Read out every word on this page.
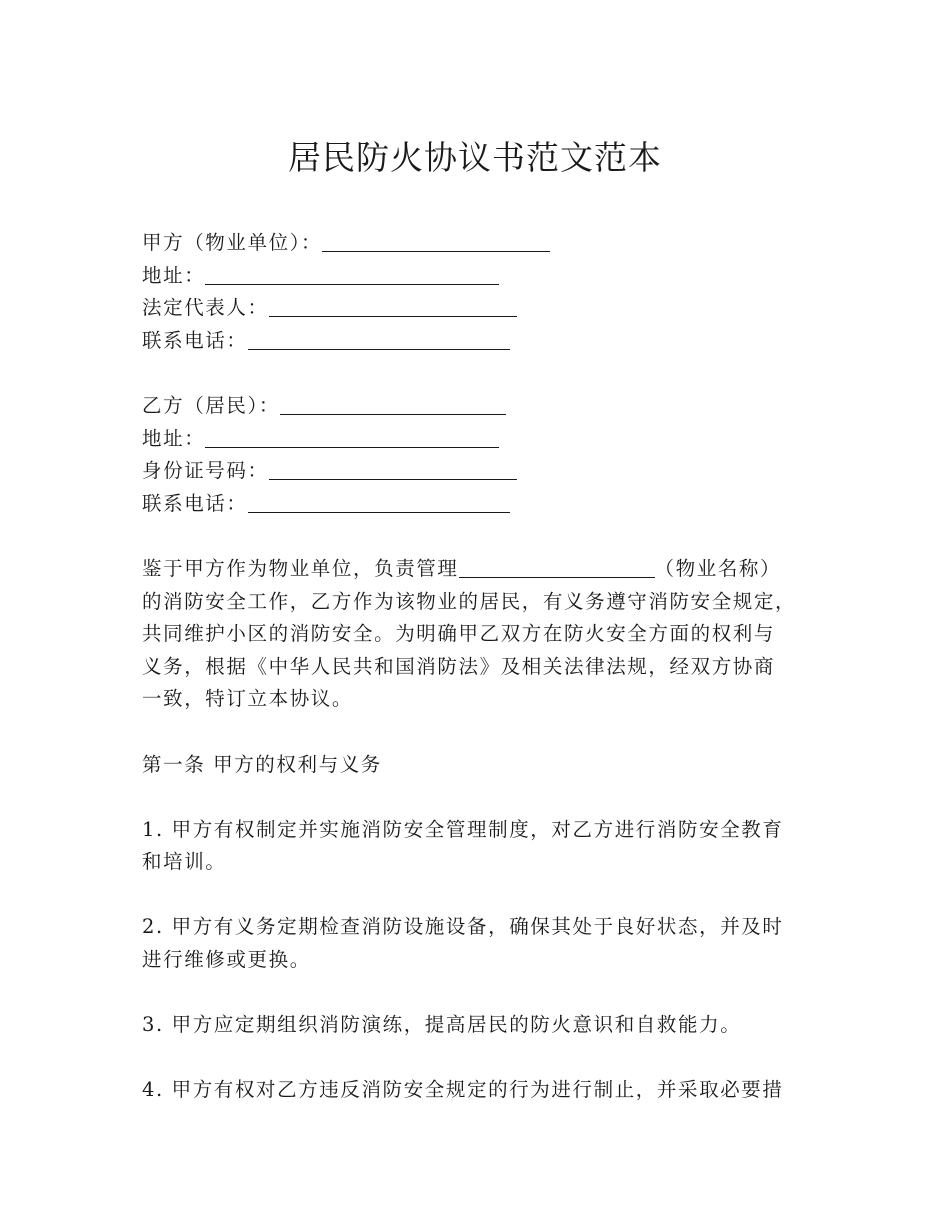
居民防火协议书范文范本
甲方（物业单位）：
地址：
法定代表人：
联系电话：
乙方（居民）：
地址：
身份证号码：
联系电话：
鉴于甲方作为物业单位，负责管理	（物业名称）
的消防安全工作，乙方作为该物业的居民，有义务遵守消防安全规定，
共同维护小区的消防安全。为明确甲乙双方在防火安全方面的权利与
义务，根据《中华人民共和国消防法》及相关法律法规，经双方协商
一致，特订立本协议。
第一条 甲方的权利与义务
1. 甲方有权制定并实施消防安全管理制度，对乙方进行消防安全教育
和培训。
2. 甲方有义务定期检查消防设施设备，确保其处于良好状态，并及时
进行维修或更换。
3. 甲方应定期组织消防演练，提高居民的防火意识和自救能力。
4. 甲方有权对乙方违反消防安全规定的行为进行制止，并采取必要措
